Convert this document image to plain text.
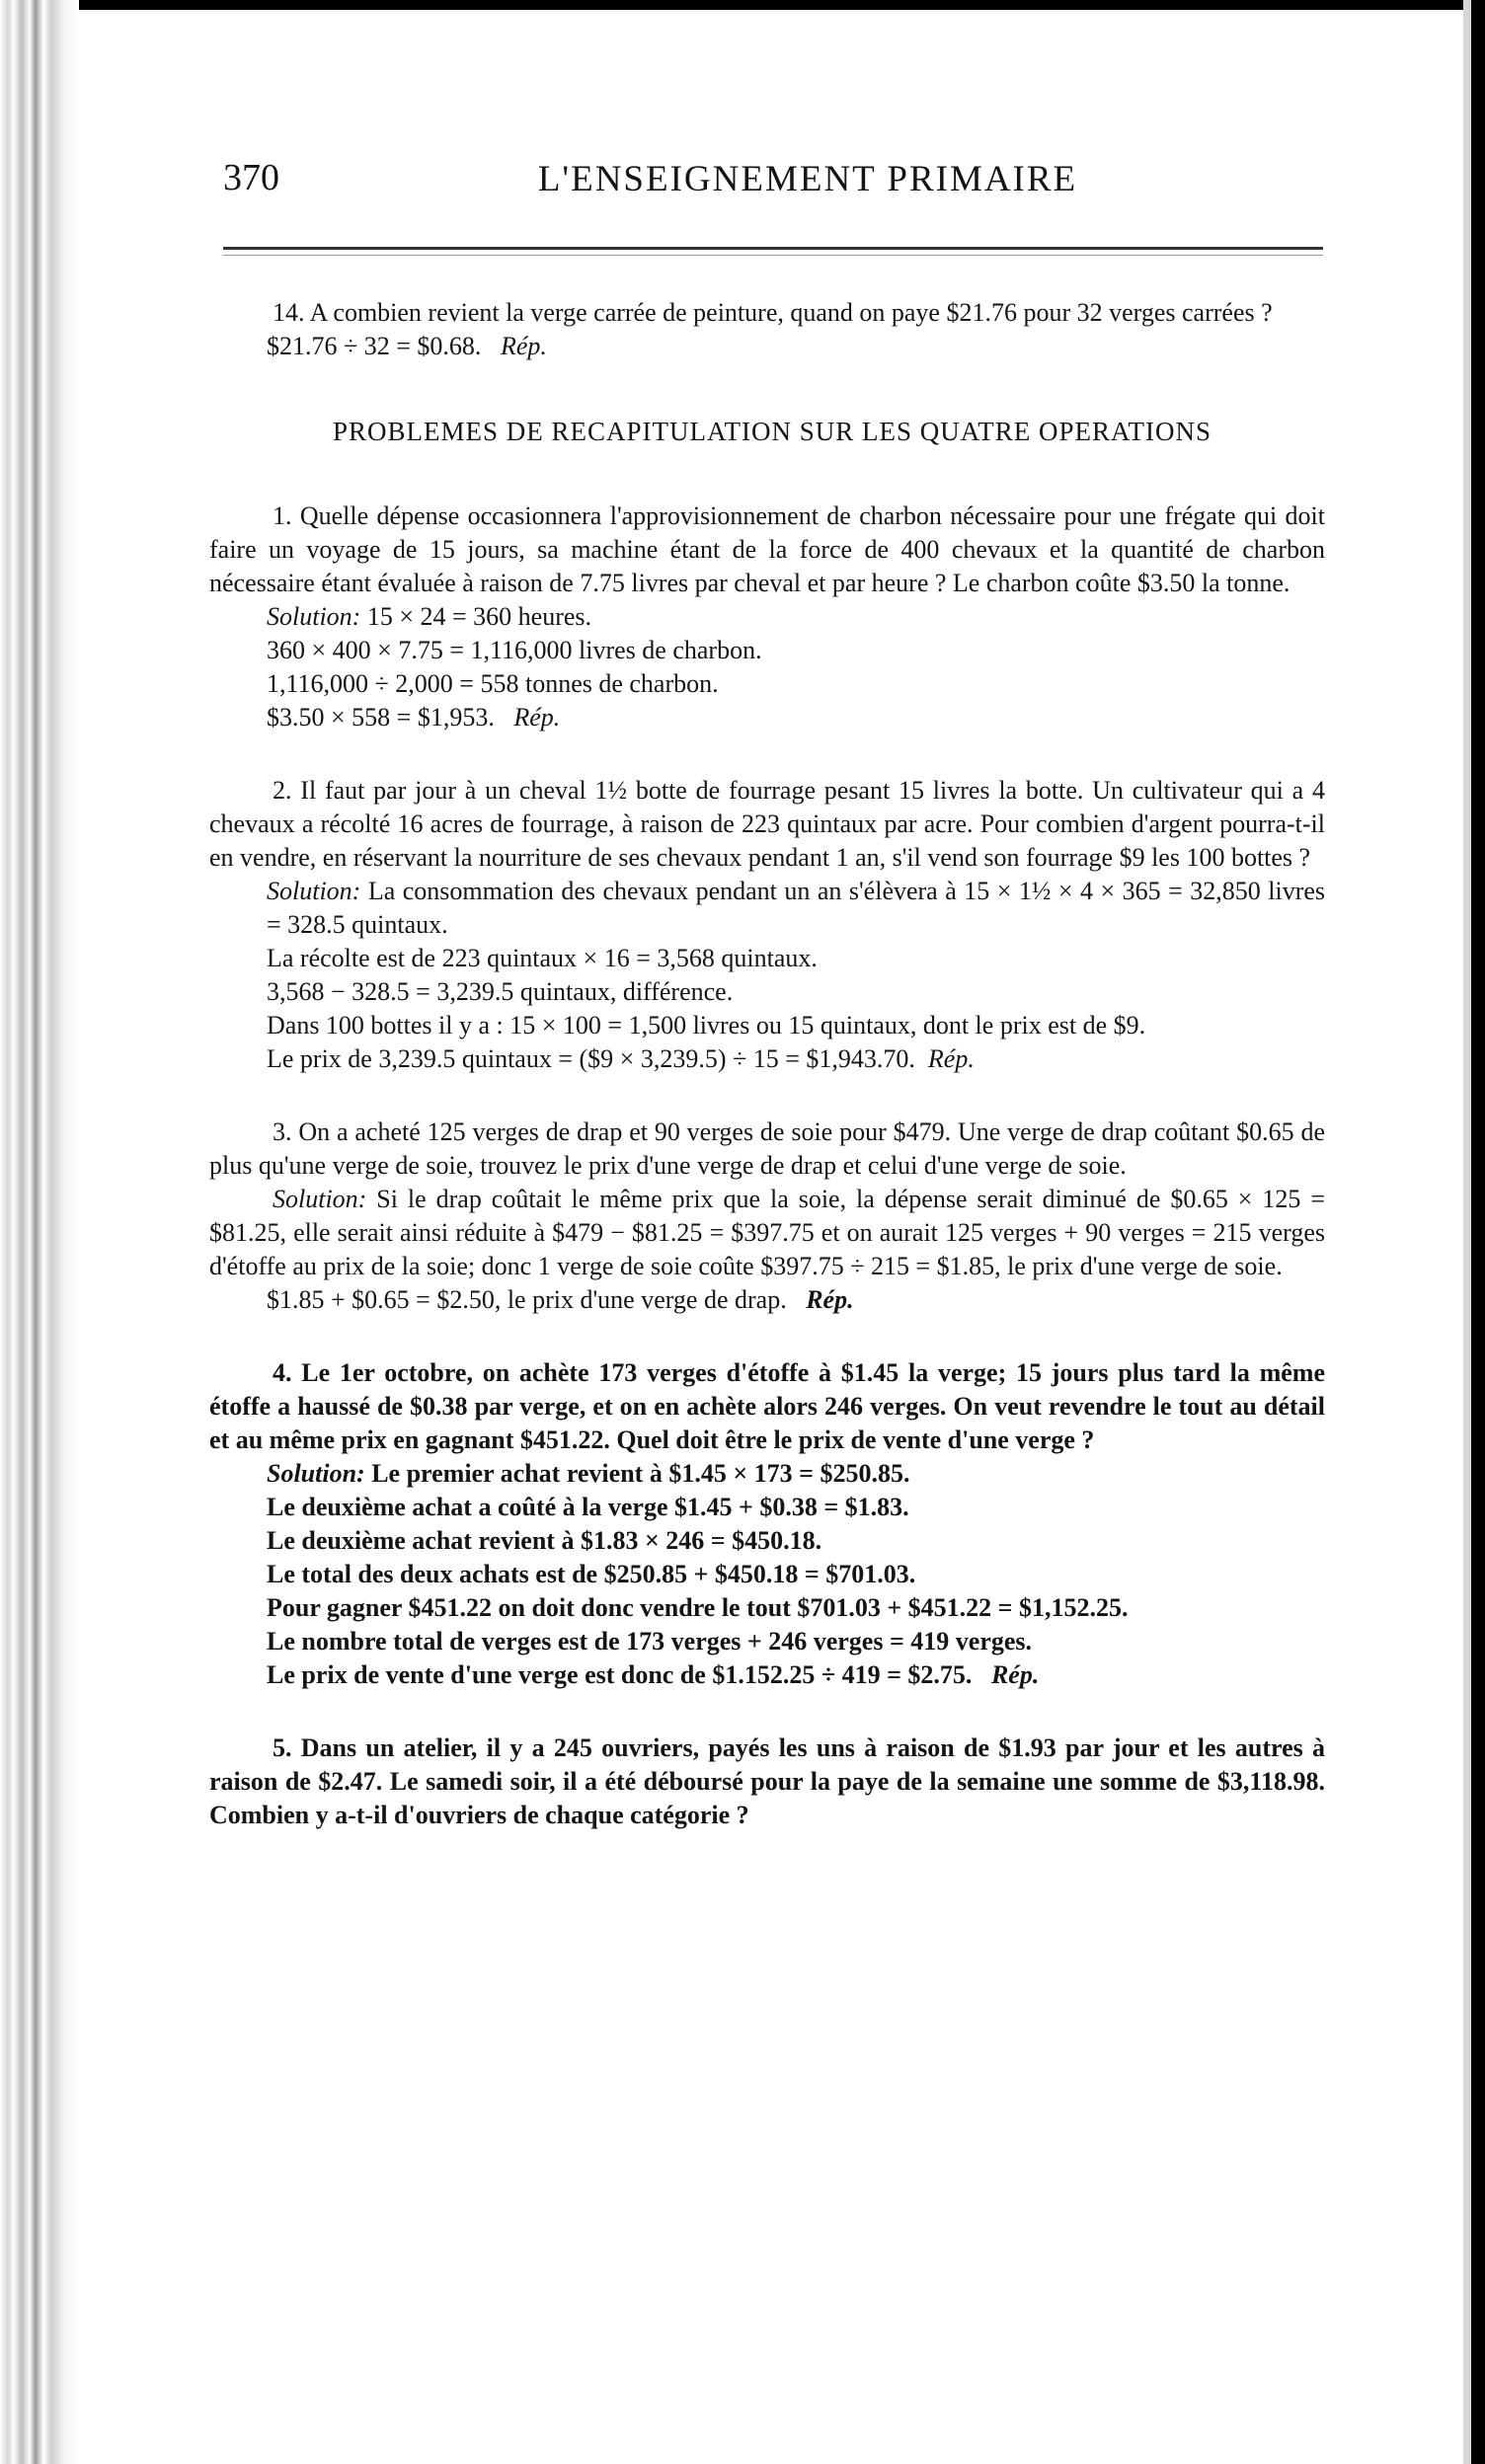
370	L'ENSEIGNEMENT PRIMAIRE

14. A combien revient la verge carrée de peinture, quand on paye $21.76 pour 32 verges carrées ?

$21.76 ÷ 32 = $0.68. Rép.

PROBLEMES DE RECAPITULATION SUR LES QUATRE OPERATIONS

1. Quelle dépense occasionnera l'approvisionnement de charbon nécessaire pour une frégate qui doit faire un voyage de 15 jours, sa machine étant de la force de 400 chevaux et la quantité de charbon nécessaire étant évaluée à raison de 7.75 livres par cheval et par heure ? Le charbon coûte $3.50 la tonne.

Solution: 15 × 24 = 360 heures.

360 × 400 × 7.75 = 1,116,000 livres de charbon.

1,116,000 ÷ 2,000 = 558 tonnes de charbon.

$3.50 × 558 = $1,953. Rép.

2. Il faut par jour à un cheval 1½ botte de fourrage pesant 15 livres la botte. Un cultivateur qui a 4 chevaux a récolté 16 acres de fourrage, à raison de 223 quintaux par acre. Pour combien d'argent pourra-t-il en vendre, en réservant la nourriture de ses chevaux pendant 1 an, s'il vend son fourrage $9 les 100 bottes ?

Solution: La consommation des chevaux pendant un an s'élèvera à 15 × 1½ × 4 × 365 = 32,850 livres = 328.5 quintaux.

La récolte est de 223 quintaux × 16 = 3,568 quintaux.

3,568 − 328.5 = 3,239.5 quintaux, différence.

Dans 100 bottes il y a : 15 × 100 = 1,500 livres ou 15 quintaux, dont le prix est de $9.

Le prix de 3,239.5 quintaux = ($9 × 3,239.5) ÷ 15 = $1,943.70. Rép.

3. On a acheté 125 verges de drap et 90 verges de soie pour $479. Une verge de drap coûtant $0.65 de plus qu'une verge de soie, trouvez le prix d'une verge de drap et celui d'une verge de soie.

Solution: Si le drap coûtait le même prix que la soie, la dépense serait diminué de $0.65 × 125 = $81.25, elle serait ainsi réduite à $479 − $81.25 = $397.75 et on aurait 125 verges + 90 verges = 215 verges d'étoffe au prix de la soie; donc 1 verge de soie coûte $397.75 ÷ 215 = $1.85, le prix d'une verge de soie.

$1.85 + $0.65 = $2.50, le prix d'une verge de drap. Rép.

4. Le 1er octobre, on achète 173 verges d'étoffe à $1.45 la verge; 15 jours plus tard la même étoffe a haussé de $0.38 par verge, et on en achète alors 246 verges. On veut revendre le tout au détail et au même prix en gagnant $451.22. Quel doit être le prix de vente d'une verge ?

Solution: Le premier achat revient à $1.45 × 173 = $250.85.

Le deuxième achat a coûté à la verge $1.45 + $0.38 = $1.83.

Le deuxième achat revient à $1.83 × 246 = $450.18.

Le total des deux achats est de $250.85 + $450.18 = $701.03.

Pour gagner $451.22 on doit donc vendre le tout $701.03 + $451.22 = $1,152.25.

Le nombre total de verges est de 173 verges + 246 verges = 419 verges.

Le prix de vente d'une verge est donc de $1.152.25 ÷ 419 = $2.75. Rép.

5. Dans un atelier, il y a 245 ouvriers, payés les uns à raison de $1.93 par jour et les autres à raison de $2.47. Le samedi soir, il a été déboursé pour la paye de la semaine une somme de $3,118.98. Combien y a-t-il d'ouvriers de chaque catégorie ?
